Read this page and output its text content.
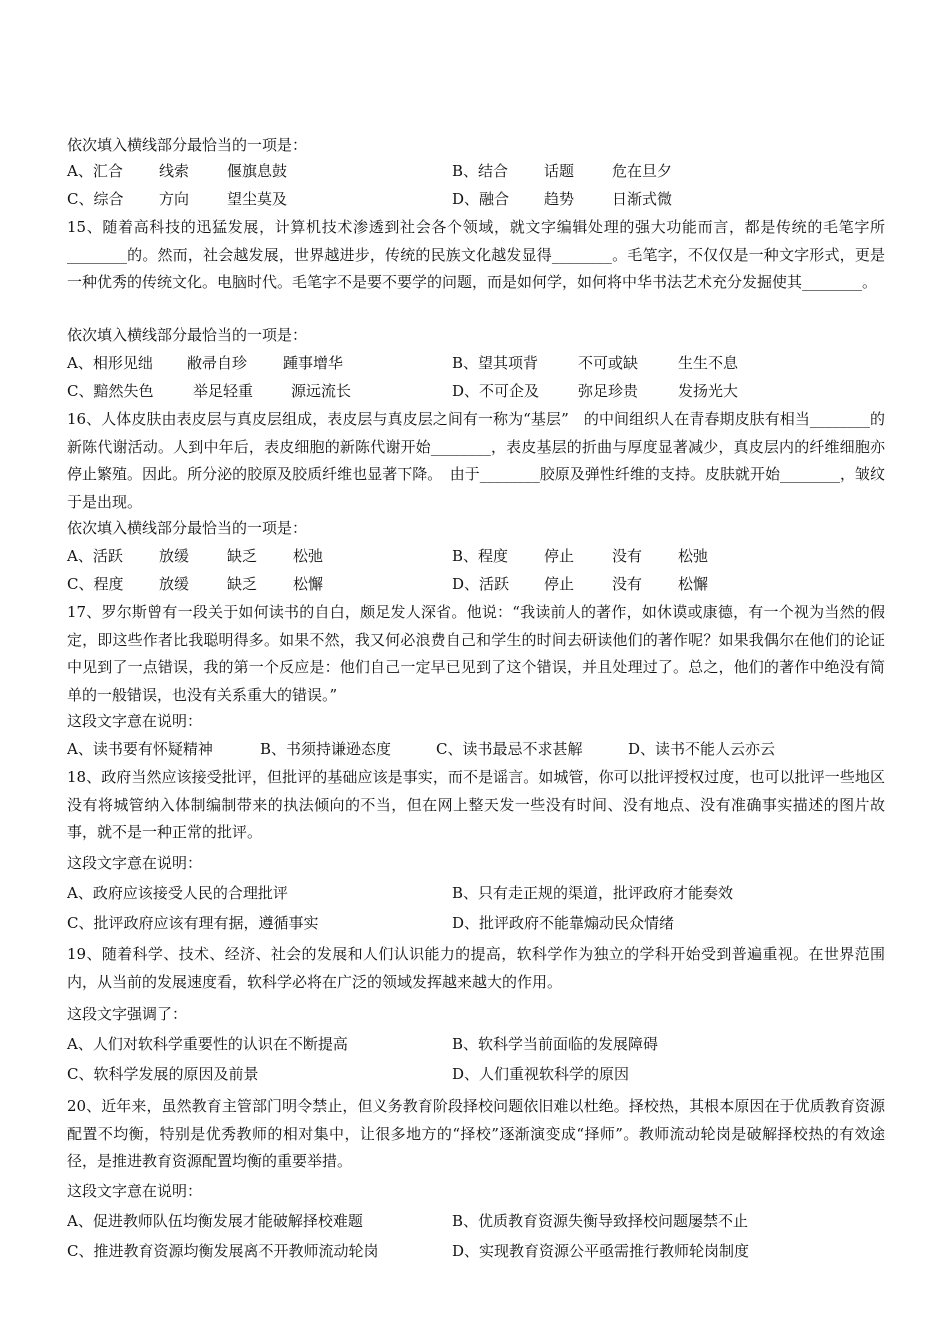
依次填入横线部分最恰当的一项是：
A、汇合 线索	偃旗息鼓	B、结合 话题	危在旦夕
C、综合 方向	望尘莫及	D、融合 趋势	日渐式微
15、随着高科技的迅猛发展，计算机技术渗透到社会各个领域，就文字编辑处理的强大功能而言，都是传统的毛笔字所________的。然而，社会越发展，世界越进步，传统的民族文化越发显得________。毛笔字，不仅仅是一种文字形式，更是一种优秀的传统文化。电脑时代。毛笔字不是要不要学的问题，而是如何学，如何将中华书法艺术充分发掘使其________。
依次填入横线部分最恰当的一项是：
A、相形见绌 敝帚自珍 踵事增华	B、望其项背	不可或缺	生生不息
C、黯然失色	举足轻重	源远流长	D、不可企及	弥足珍贵	发扬光大
16、人体皮肤由表皮层与真皮层组成，表皮层与真皮层之间有一称为“基层”　的中间组织人在青春期皮肤有相当________的新陈代谢活动。人到中年后，表皮细胞的新陈代谢开始________，表皮基层的折曲与厚度显著减少，真皮层内的纤维细胞亦停止繁殖。因此。所分泌的胶原及胶质纤维也显著下降。　由于________胶原及弹性纤维的支持。皮肤就开始________，皱纹于是出现。
依次填入横线部分最恰当的一项是：
A、活跃 放缓	缺乏 松弛	B、程度 停止	没有 松弛
C、程度 放缓	缺乏 松懈	D、活跃 停止	没有 松懈
17、罗尔斯曾有一段关于如何读书的自白，颇足发人深省。他说：“我读前人的著作，如休谟或康德，有一个视为当然的假定，即这些作者比我聪明得多。如果不然，我又何必浪费自己和学生的时间去研读他们的著作呢？如果我偶尔在他们的论证中见到了一点错误，我的第一个反应是：他们自己一定早已见到了这个错误，并且处理过了。总之，他们的著作中绝没有简单的一般错误，也没有关系重大的错误。”
这段文字意在说明：
A、读书要有怀疑精神	B、书须持谦逊态度	C、读书最忌不求甚解	D、读书不能人云亦云
18、政府当然应该接受批评，但批评的基础应该是事实，而不是谣言。如城管，你可以批评授权过度，也可以批评一些地区没有将城管纳入体制编制带来的执法倾向的不当，但在网上整天发一些没有时间、没有地点、没有准确事实描述的图片故事，就不是一种正常的批评。
这段文字意在说明：
A、政府应该接受人民的合理批评	B、只有走正规的渠道，批评政府才能奏效
C、批评政府应该有理有据，遵循事实	D、批评政府不能靠煽动民众情绪
19、随着科学、技术、经济、社会的发展和人们认识能力的提高，软科学作为独立的学科开始受到普遍重视。在世界范围内，从当前的发展速度看，软科学必将在广泛的领域发挥越来越大的作用。
这段文字强调了：
A、人们对软科学重要性的认识在不断提高	B、软科学当前面临的发展障碍
C、软科学发展的原因及前景	D、人们重视软科学的原因
20、近年来，虽然教育主管部门明令禁止，但义务教育阶段择校问题依旧难以杜绝。择校热，其根本原因在于优质教育资源配置不均衡，特别是优秀教师的相对集中，让很多地方的“择校”逐渐演变成“择师”。教师流动轮岗是破解择校热的有效途径，是推进教育资源配置均衡的重要举措。
这段文字意在说明：
A、促进教师队伍均衡发展才能破解择校难题	B、优质教育资源失衡导致择校问题屡禁不止
C、推进教育资源均衡发展离不开教师流动轮岗	D、实现教育资源公平亟需推行教师轮岗制度
